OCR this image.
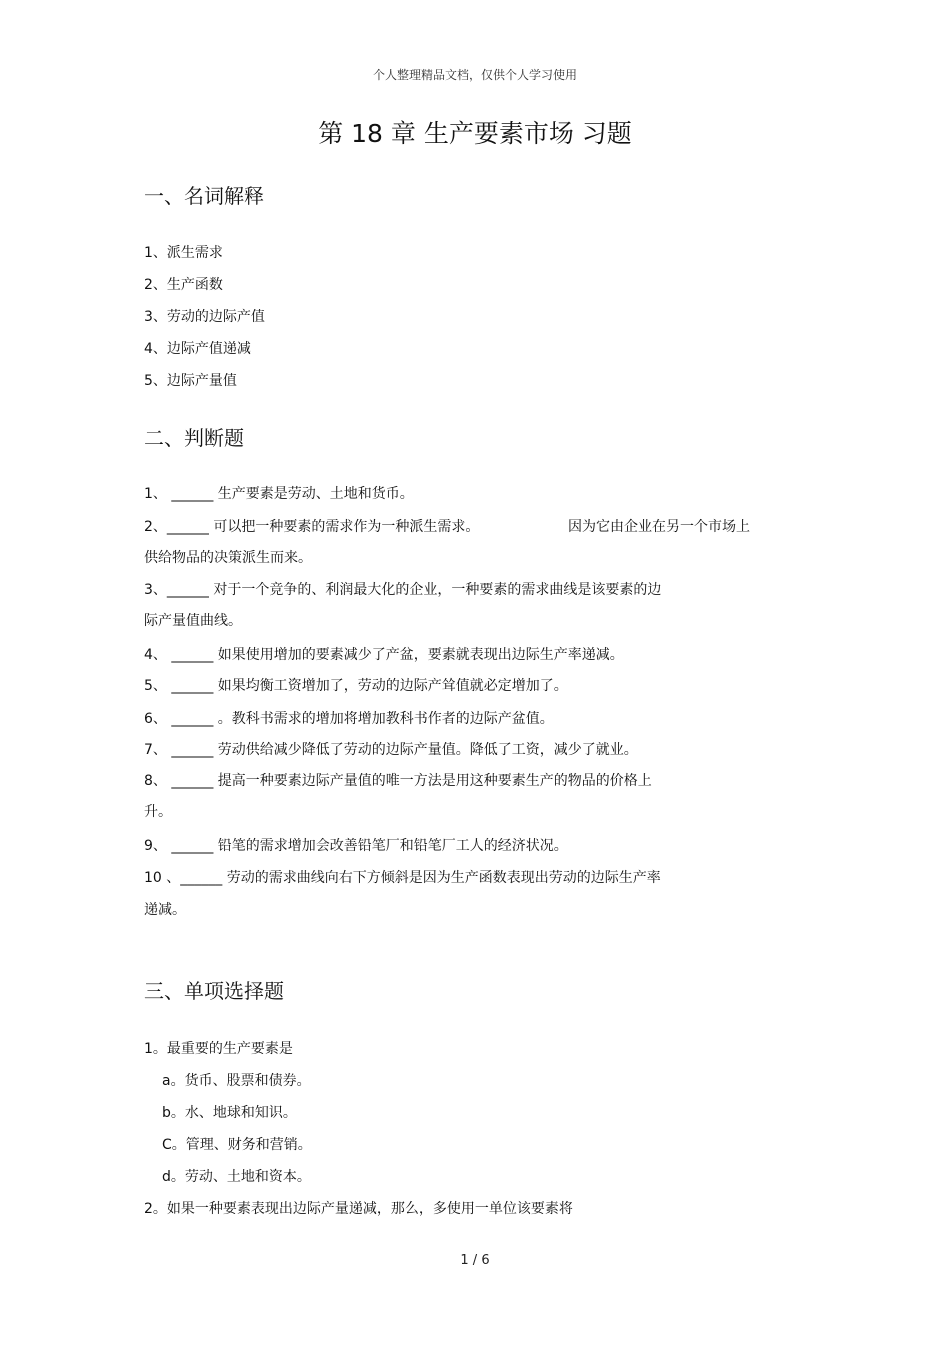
个人整理精品文档，仅供个人学习使用
第 18 章 生产要素市场 习题
一、名词解释
1、派生需求
2、生产函数
3、劳动的边际产值
4、边际产值递减
5、边际产量值
二、判断题
1、 ______ 生产要素是劳动、土地和货币。
2、______ 可以把一种要素的需求作为一种派生需求。	因为它由企业在另一个市场上
供给物品的决策派生而来。
3、______ 对于一个竞争的、利润最大化的企业，一种要素的需求曲线是该要素的边
际产量值曲线。
4、 ______ 如果使用增加的要素减少了产盆，要素就表现出边际生产率递减。
5、 ______ 如果均衡工资增加了，劳动的边际产耸值就必定增加了。
6、 ______ 。教科书需求的增加将增加教科书作者的边际产盆值。
7、 ______ 劳动供给减少降低了劳动的边际产量值。降低了工资，减少了就业。
8、 ______ 提高一种要素边际产量值的唯一方法是用这种要素生产的物品的价格上
升。
9、 ______ 铅笔的需求增加会改善铅笔厂和铅笔厂工人的经济状况。
10 、______ 劳动的需求曲线向右下方倾斜是因为生产函数表现出劳动的边际生产率
递减。
三、单项选择题
1。最重要的生产要素是
a。货币、股票和债券。
b。水、地球和知识。
C。管理、财务和营销。
d。劳动、土地和资本。
2。如果一种要素表现出边际产量递减，那么，多使用一单位该要素将
1 / 6
